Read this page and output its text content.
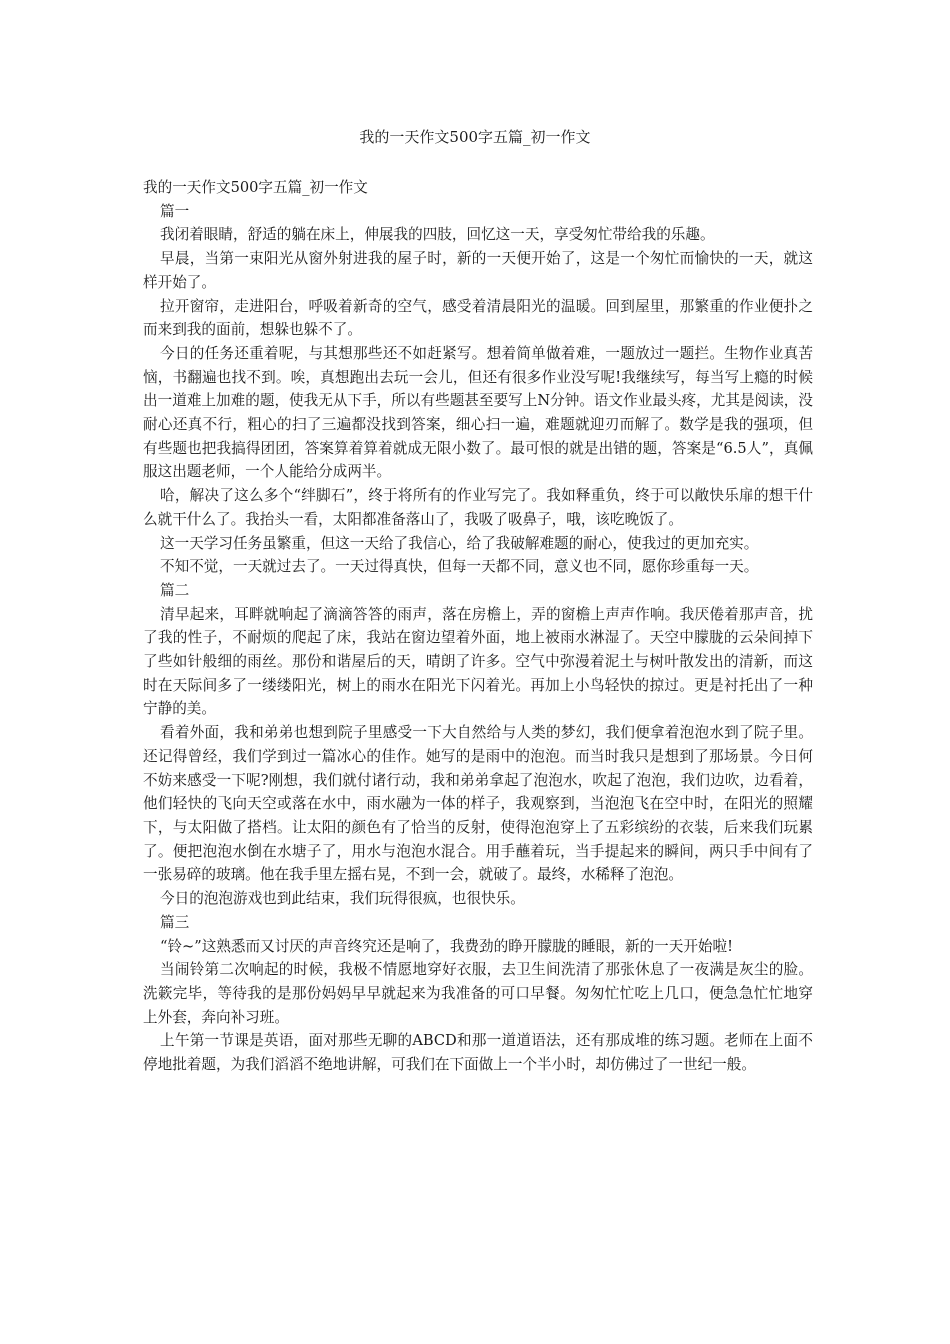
我的一天作文500字五篇_初一作文

我的一天作文500字五篇_初一作文

篇一

我闭着眼睛，舒适的躺在床上，伸展我的四肢，回忆这一天，享受匆忙带给我的乐趣。

早晨，当第一束阳光从窗外射进我的屋子时，新的一天便开始了，这是一个匆忙而愉快的一天，就这样开始了。

拉开窗帘，走进阳台，呼吸着新奇的空气，感受着清晨阳光的温暖。回到屋里，那繁重的作业便扑之而来到我的面前，想躲也躲不了。

今日的任务还重着呢，与其想那些还不如赶紧写。想着简单做着难，一题放过一题拦。生物作业真苦恼，书翻遍也找不到。唉，真想跑出去玩一会儿，但还有很多作业没写呢!我继续写，每当写上瘾的时候出一道难上加难的题，使我无从下手，所以有些题甚至要写上N分钟。语文作业最头疼，尤其是阅读，没耐心还真不行，粗心的扫了三遍都没找到答案，细心扫一遍，难题就迎刃而解了。数学是我的强项，但有些题也把我搞得团团，答案算着算着就成无限小数了。最可恨的就是出错的题，答案是“6.5人”，真佩服这出题老师，一个人能给分成两半。

哈，解决了这么多个“绊脚石”，终于将所有的作业写完了。我如释重负，终于可以敞快乐扉的想干什么就干什么了。我抬头一看，太阳都准备落山了，我吸了吸鼻子，哦，该吃晚饭了。

这一天学习任务虽繁重，但这一天给了我信心，给了我破解难题的耐心，使我过的更加充实。

不知不觉，一天就过去了。一天过得真快，但每一天都不同，意义也不同，愿你珍重每一天。

篇二

清早起来，耳畔就响起了滴滴答答的雨声，落在房檐上，弄的窗檐上声声作响。我厌倦着那声音，扰了我的性子，不耐烦的爬起了床，我站在窗边望着外面，地上被雨水淋湿了。天空中朦胧的云朵间掉下了些如针般细的雨丝。那份和谐屋后的天，晴朗了许多。空气中弥漫着泥土与树叶散发出的清新，而这时在天际间多了一缕缕阳光，树上的雨水在阳光下闪着光。再加上小鸟轻快的掠过。更是衬托出了一种宁静的美。

看着外面，我和弟弟也想到院子里感受一下大自然给与人类的梦幻，我们便拿着泡泡水到了院子里。还记得曾经，我们学到过一篇冰心的佳作。她写的是雨中的泡泡。而当时我只是想到了那场景。今日何不妨来感受一下呢?刚想，我们就付诸行动，我和弟弟拿起了泡泡水，吹起了泡泡，我们边吹，边看着，他们轻快的飞向天空或落在水中，雨水融为一体的样子，我观察到，当泡泡飞在空中时，在阳光的照耀下，与太阳做了搭档。让太阳的颜色有了恰当的反射，使得泡泡穿上了五彩缤纷的衣装，后来我们玩累了。便把泡泡水倒在水塘子了，用水与泡泡水混合。用手蘸着玩，当手提起来的瞬间，两只手中间有了一张易碎的玻璃。他在我手里左摇右晃，不到一会，就破了。最终，水稀释了泡泡。

今日的泡泡游戏也到此结束，我们玩得很疯，也很快乐。

篇三

“铃~”这熟悉而又讨厌的声音终究还是响了，我费劲的睁开朦胧的睡眼，新的一天开始啦!

当闹铃第二次响起的时候，我极不情愿地穿好衣服，去卫生间洗清了那张休息了一夜满是灰尘的脸。洗簌完毕，等待我的是那份妈妈早早就起来为我准备的可口早餐。匆匆忙忙吃上几口，便急急忙忙地穿上外套，奔向补习班。

上午第一节课是英语，面对那些无聊的ABCD和那一道道语法，还有那成堆的练习题。老师在上面不停地批着题，为我们滔滔不绝地讲解，可我们在下面做上一个半小时，却仿佛过了一世纪一般。
